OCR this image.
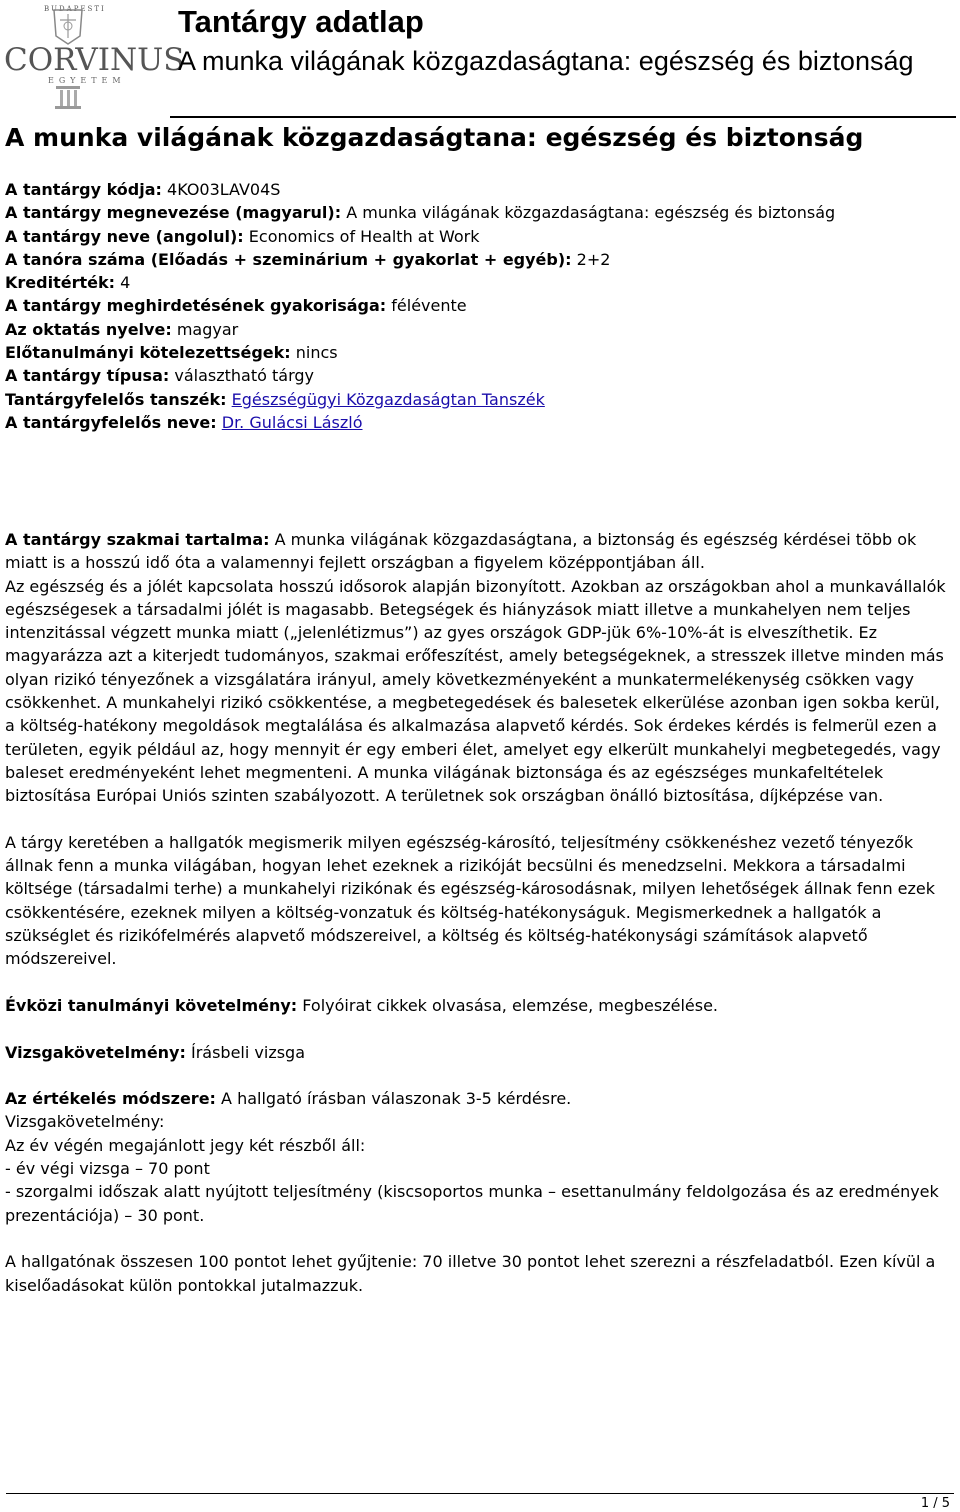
BUDAPESTI
CORVINUS
EGYETEM
Tantárgy adatlap
A munka világának közgazdaságtana: egészség és biztonság
A munka világának közgazdaságtana: egészség és biztonság
A tantárgy kódja: 4KO03LAV04S
A tantárgy megnevezése (magyarul): A munka világának közgazdaságtana: egészség és biztonság
A tantárgy neve (angolul): Economics of Health at Work
A tanóra száma (Előadás + szeminárium + gyakorlat + egyéb): 2+2
Kreditérték: 4
A tantárgy meghirdetésének gyakorisága: félévente
Az oktatás nyelve: magyar
Előtanulmányi kötelezettségek: nincs
A tantárgy típusa: választható tárgy
Tantárgyfelelős tanszék: Egészségügyi Közgazdaságtan Tanszék
A tantárgyfelelős neve: Dr. Gulácsi László

A tantárgy szakmai tartalma: A munka világának közgazdaságtana, a biztonság és egészség kérdései több ok miatt is a hosszú idő óta a valamennyi fejlett országban a figyelem középpontjában áll.

Az egészség és a jólét kapcsolata hosszú idősorok alapján bizonyított. Azokban az országokban ahol a munkavállalók egészségesek a társadalmi jólét is magasabb. Betegségek és hiányzások miatt illetve a munkahelyen nem teljes intenzitással végzett munka miatt („jelenlétizmus”) az gyes országok GDP-jük 6%-10%-át is elveszíthetik. Ez magyarázza azt a kiterjedt tudományos, szakmai erőfeszítést, amely betegségeknek, a stresszek illetve minden más olyan rizikó tényezőnek a vizsgálatára irányul, amely következményeként a munkatermelékenység csökken vagy csökkenhet. A munkahelyi rizikó csökkentése, a megbetegedések és balesetek elkerülése azonban igen sokba kerül, a költség-hatékony megoldások megtalálása és alkalmazása alapvető kérdés. Sok érdekes kérdés is felmerül ezen a területen, egyik például az, hogy mennyit ér egy emberi élet, amelyet egy elkerült munkahelyi megbetegedés, vagy baleset eredményeként lehet megmenteni. A munka világának biztonsága és az egészséges munkafeltételek biztosítása Európai Uniós szinten szabályozott. A területnek sok országban önálló biztosítása, díjképzése van.

A tárgy keretében a hallgatók megismerik milyen egészség-károsító, teljesítmény csökkenéshez vezető tényezők állnak fenn a munka világában, hogyan lehet ezeknek a rizikóját becsülni és menedzselni. Mekkora a társadalmi költsége (társadalmi terhe) a munkahelyi rizikónak és egészség-károsodásnak, milyen lehetőségek állnak fenn ezek csökkentésére, ezeknek milyen a költség-vonzatuk és költség-hatékonyságuk. Megismerkednek a hallgatók a szükséglet és rizikófelmérés alapvető módszereivel, a költség és költség-hatékonysági számítások alapvető módszereivel.

Évközi tanulmányi követelmény: Folyóirat cikkek olvasása, elemzése, megbeszélése.

Vizsgakövetelmény: Írásbeli vizsga

Az értékelés módszere: A hallgató írásban válaszonak 3-5 kérdésre.

Vizsgakövetelmény:

Az év végén megajánlott jegy két részből áll:

- év végi vizsga – 70 pont

- szorgalmi időszak alatt nyújtott teljesítmény (kiscsoportos munka – esettanulmány feldolgozása és az eredmények prezentációja) – 30 pont.

A hallgatónak összesen 100 pontot lehet gyűjtenie: 70 illetve 30 pontot lehet szerezni a részfeladatból. Ezen kívül a kiselőadásokat külön pontokkal jutalmazzuk.

1 / 5
